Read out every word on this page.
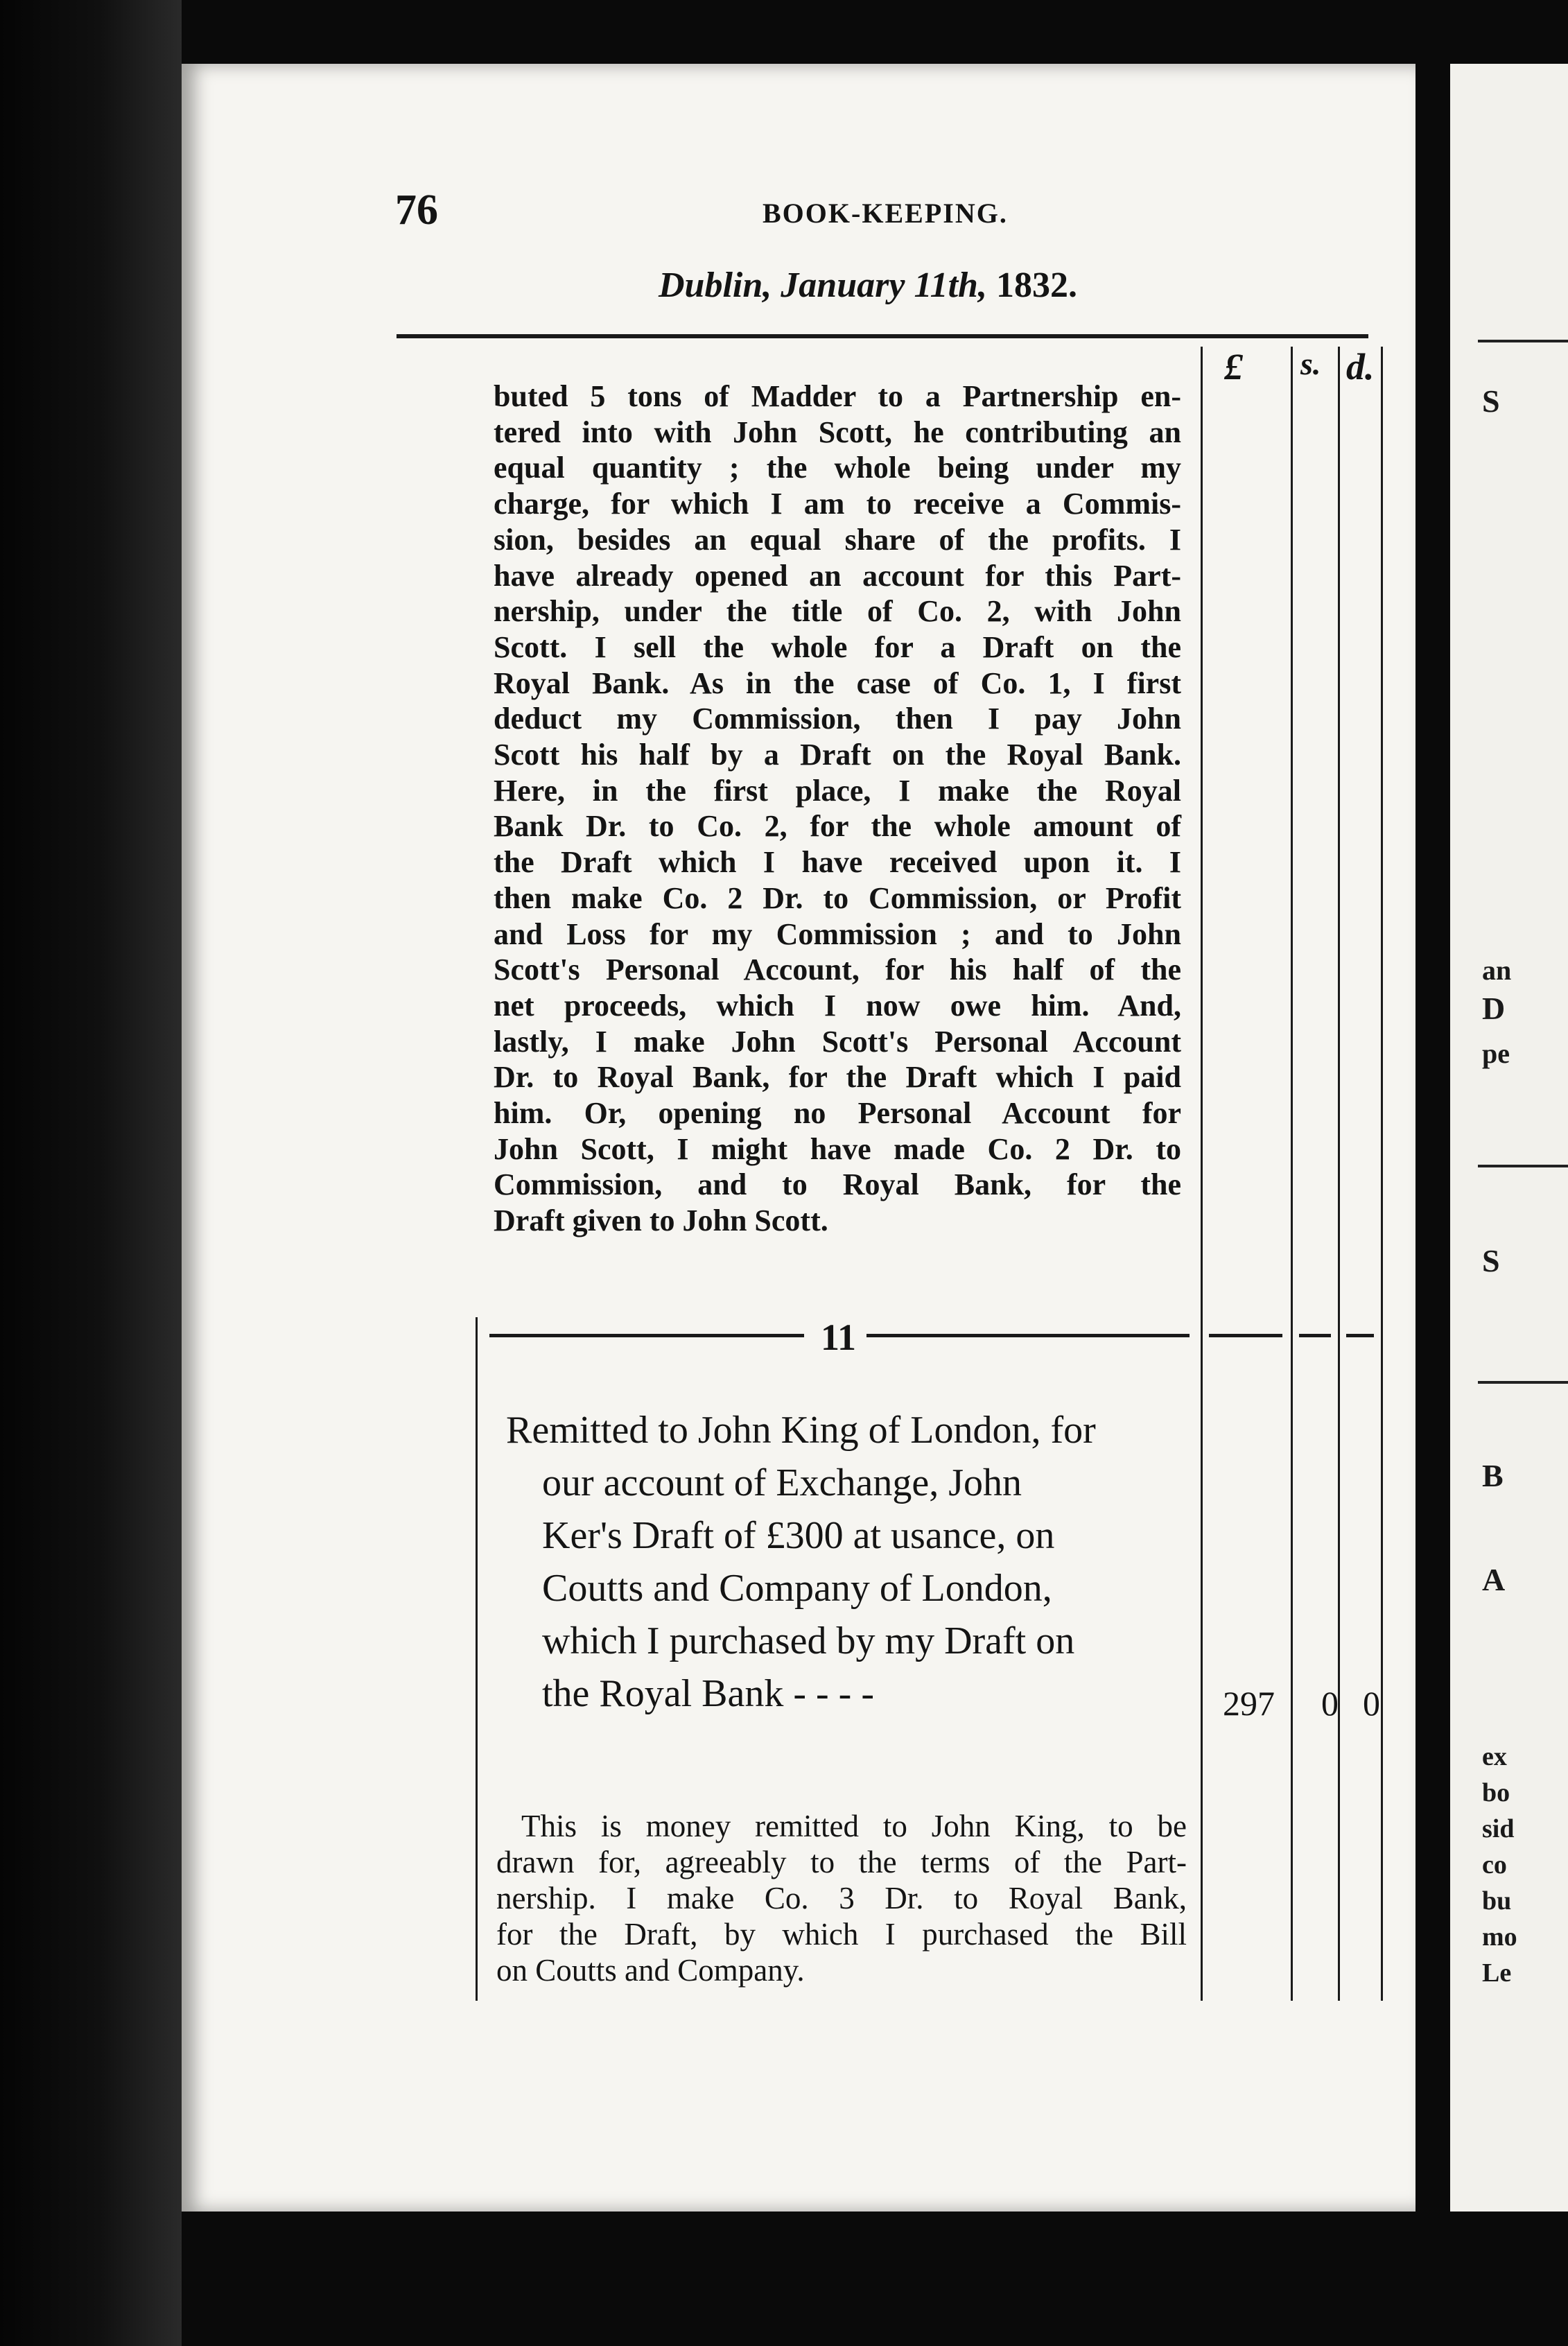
S
an
D
pe
S
B
A
ex
bo
sid
co
bu
mo
Le
76	BOOK-KEEPING.
Dublin, January 11th, 1832.
£ s. d.
buted 5 tons of Madder to a Partnership en-
tered into with John Scott, he contributing an
equal quantity ; the whole being under my
charge, for which I am to receive a Commis-
sion, besides an equal share of the profits. I
have already opened an account for this Part-
nership, under the title of Co. 2, with John
Scott. I sell the whole for a Draft on the
Royal Bank. As in the case of Co. 1, I first
deduct my Commission, then I pay John
Scott his half by a Draft on the Royal Bank.
Here, in the first place, I make the Royal
Bank Dr. to Co. 2, for the whole amount of
the Draft which I have received upon it. I
then make Co. 2 Dr. to Commission, or Profit
and Loss for my Commission ; and to John
Scott's Personal Account, for his half of the
net proceeds, which I now owe him. And,
lastly, I make John Scott's Personal Account
Dr. to Royal Bank, for the Draft which I paid
him. Or, opening no Personal Account for
John Scott, I might have made Co. 2 Dr. to
Commission, and to Royal Bank, for the
Draft given to John Scott.
11
Remitted to John King of London, for
our account of Exchange, John
Ker's Draft of £300 at usance, on
Coutts and Company of London,
which I purchased by my Draft on
the Royal Bank - - - -	297 0 0
This is money remitted to John King, to be
drawn for, agreeably to the terms of the Part-
nership. I make Co. 3 Dr. to Royal Bank,
for the Draft, by which I purchased the Bill
on Coutts and Company.
